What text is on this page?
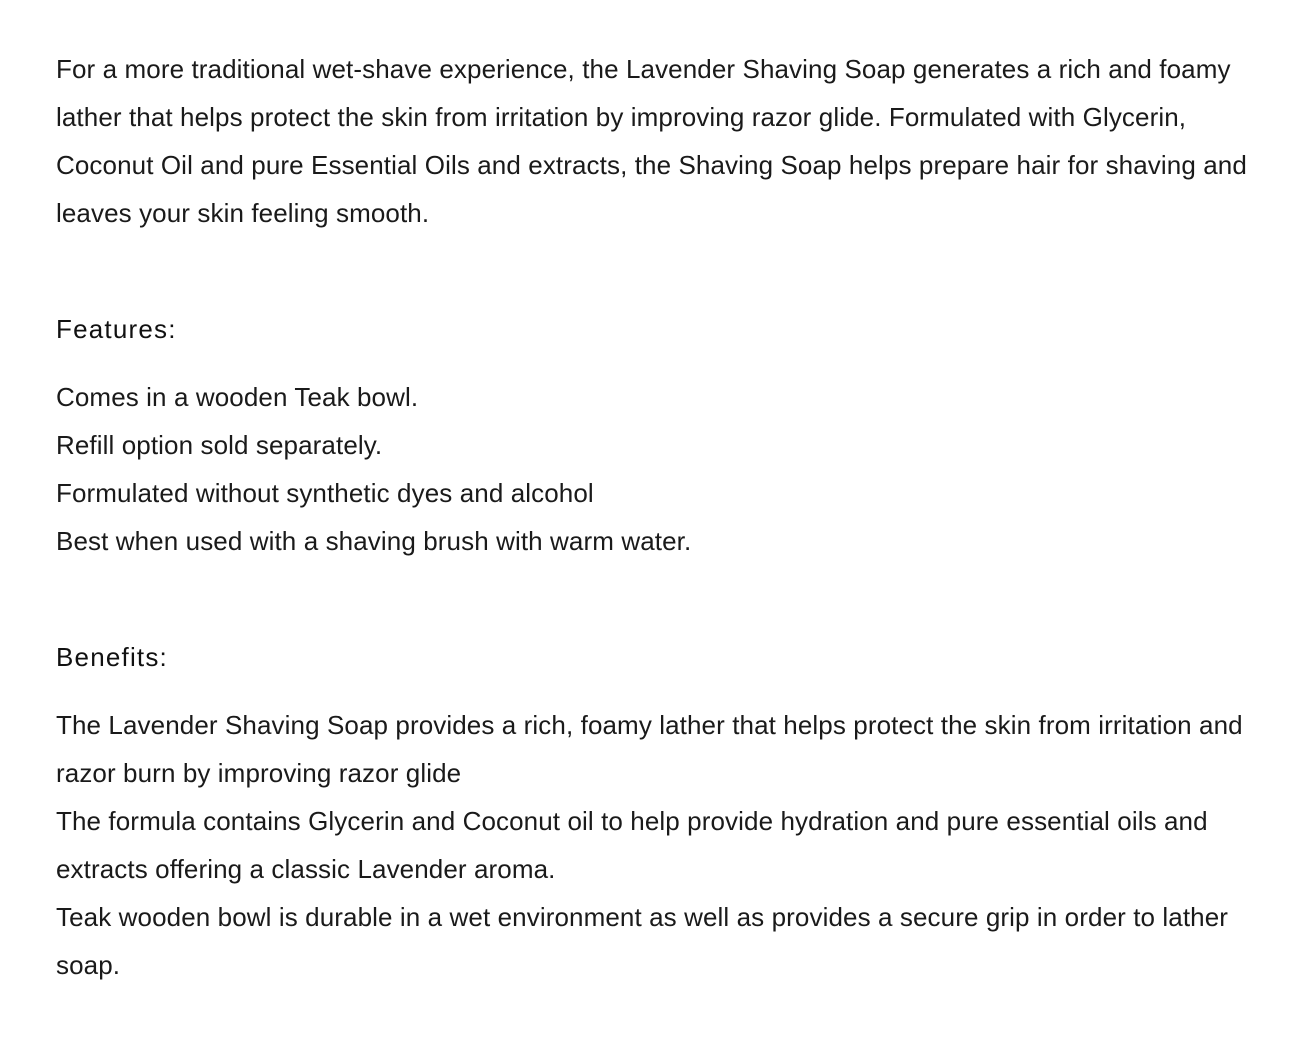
For a more traditional wet-shave experience, the Lavender Shaving Soap generates a rich and foamy lather that helps protect the skin from irritation by improving razor glide. Formulated with Glycerin, Coconut Oil and pure Essential Oils and extracts, the Shaving Soap helps prepare hair for shaving and leaves your skin feeling smooth.

Features:
Comes in a wooden Teak bowl.
Refill option sold separately.
Formulated without synthetic dyes and alcohol
Best when used with a shaving brush with warm water.
Benefits:
The Lavender Shaving Soap provides a rich, foamy lather that helps protect the skin from irritation and razor burn by improving razor glide
The formula contains Glycerin and Coconut oil to help provide hydration and pure essential oils and extracts offering a classic Lavender aroma.
Teak wooden bowl is durable in a wet environment as well as provides a secure grip in order to lather soap.
